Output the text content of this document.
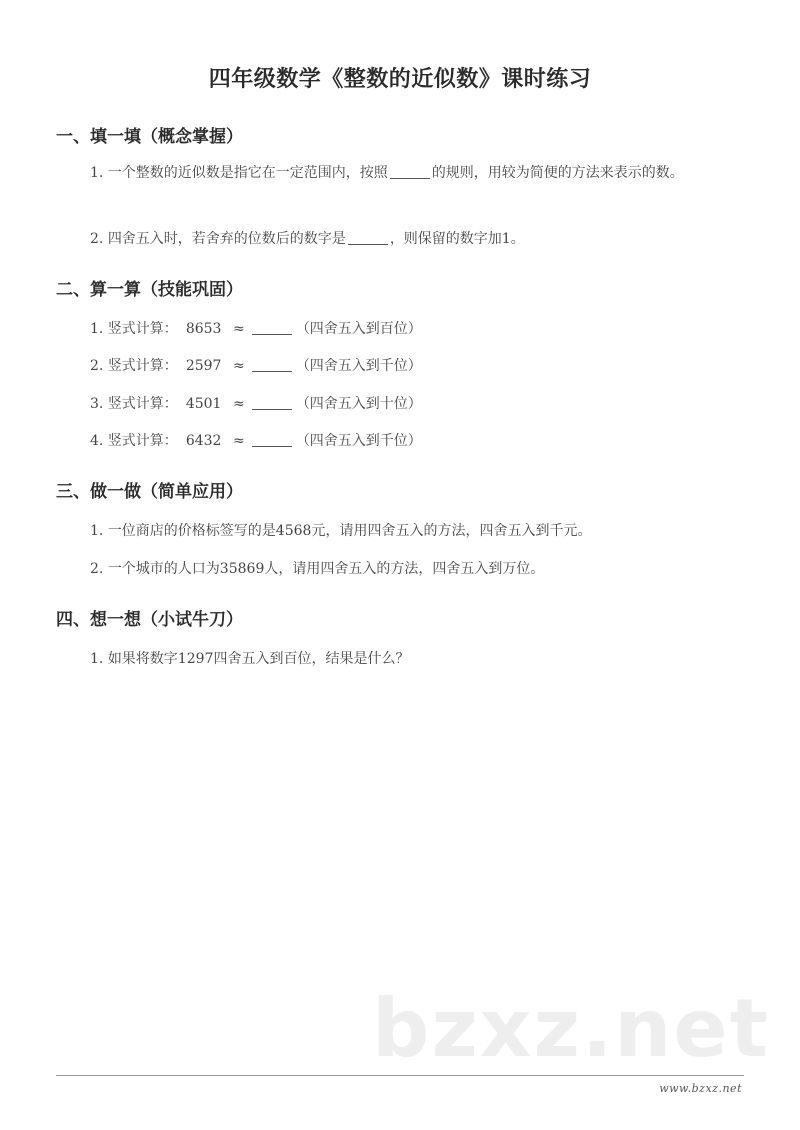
四年级数学《整数的近似数》课时练习
一、填一填（概念掌握）
1. 一个整数的近似数是指它在一定范围内，按照	的规则，用较为简便的方法来表示的数。
2. 四舍五入时，若舍弃的位数后的数字是	，则保留的数字加1。
二、算一算（技能巩固）
1. 竖式计算： 8653 ≈	（四舍五入到百位）
2. 竖式计算： 2597 ≈	（四舍五入到千位）
3. 竖式计算： 4501 ≈	（四舍五入到十位）
4. 竖式计算： 6432 ≈	（四舍五入到千位）
三、做一做（简单应用）
1. 一位商店的价格标签写的是4568元，请用四舍五入的方法，四舍五入到千元。
2. 一个城市的人口为35869人，请用四舍五入的方法，四舍五入到万位。
四、想一想（小试牛刀）
1. 如果将数字1297四舍五入到百位，结果是什么？
bzxz.net
www.bzxz.net
